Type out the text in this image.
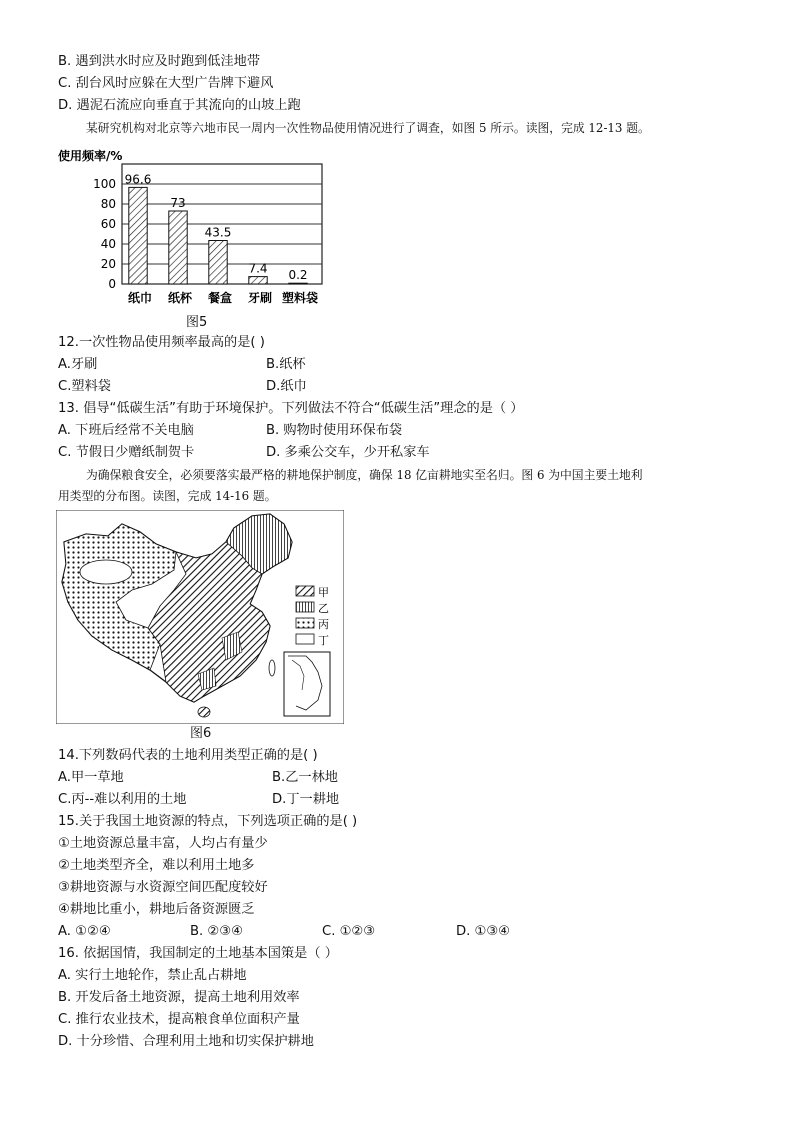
B. 遇到洪水时应及时跑到低洼地带
C. 刮台风时应躲在大型广告牌下避风
D. 遇泥石流应向垂直于其流向的山坡上跑
某研究机构对北京等六地市民一周内一次性物品使用情况进行了调查，如图 5 所示。读图，完成 12-13 题。
使用频率/%
0
20
40
60
80
100 96.6
73
43.5
7.4 0.2
纸巾 纸杯 餐盒 牙刷 塑料袋
图5
12.一次性物品使用频率最高的是( )
A.牙刷	B.纸杯
C.塑料袋	D.纸巾
13. 倡导“低碳生活”有助于环境保护。下列做法不符合“低碳生活”理念的是（ ）
A. 下班后经常不关电脑	B. 购物时使用环保布袋
C. 节假日少赠纸制贺卡	D. 多乘公交车，少开私家车
为确保粮食安全，必须要落实最严格的耕地保护制度，确保 18 亿亩耕地实至名归。图 6 为中国主要土地利
用类型的分布图。读图，完成 14-16 题。
甲
乙
丙
丁
图6
14.下列数码代表的土地利用类型正确的是( )
A.甲一草地	B.乙一林地
C.丙--难以利用的土地	D.丁一耕地
15.关于我国土地资源的特点，下列选项正确的是( )
①土地资源总量丰富，人均占有量少
②土地类型齐全，难以利用土地多
③耕地资源与水资源空间匹配度较好
④耕地比重小，耕地后备资源匮乏
A. ①②④	B. ②③④	C. ①②③	D. ①③④
16. 依据国情，我国制定的土地基本国策是（ ）
A. 实行土地轮作，禁止乱占耕地
B. 开发后备土地资源，提高土地利用效率
C. 推行农业技术，提高粮食单位面积产量
D. 十分珍惜、合理利用土地和切实保护耕地
